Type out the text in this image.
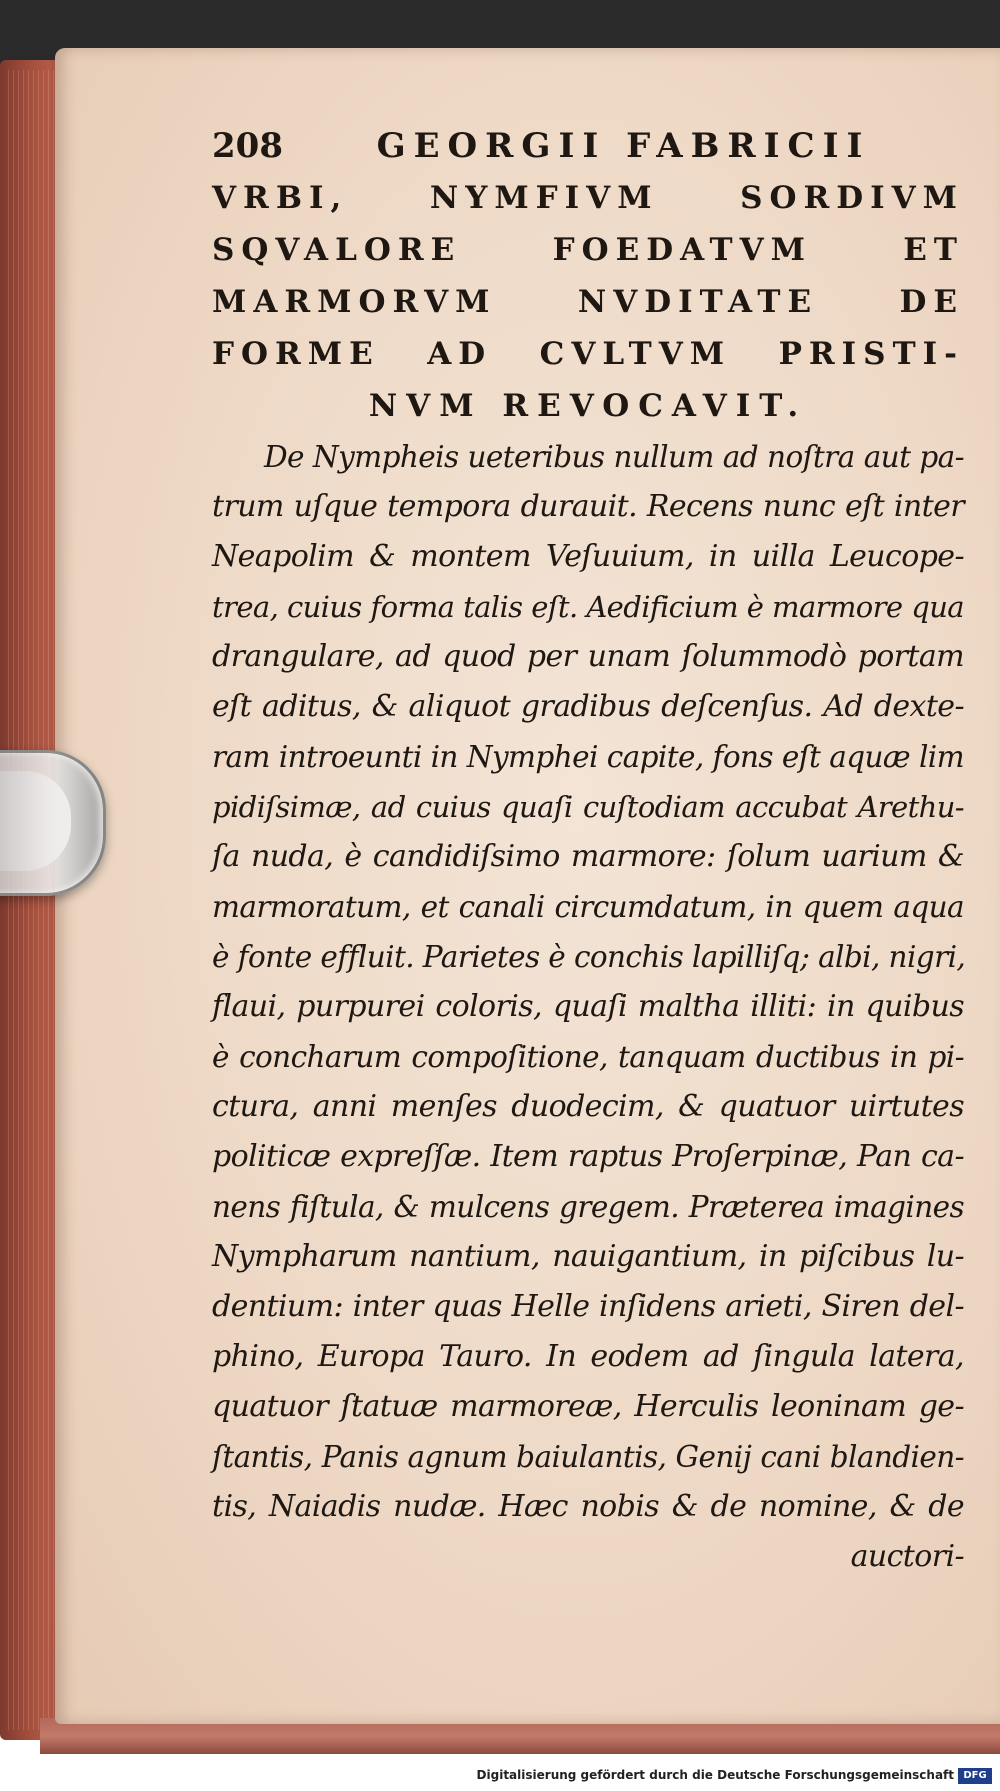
208	GEORGII FABRICII
VRBI, NYMFIVM SORDIVM
SQVALORE FOEDATVM ET
MARMORVM NVDITATE DE
FORME AD CVLTVM PRISTI-
NVM REVOCAVIT.
De Nympheis ueteribus nullum ad noſtra aut pa-
trum uſque tempora durauit. Recens nunc eſt inter
Neapolim & montem Veſuuium, in uilla Leucope-
trea, cuius forma talis eſt. Aedificium è marmore qua
drangulare, ad quod per unam ſolummodò portam
eſt aditus, & aliquot gradibus deſcenſus. Ad dexte-
ram introeunti in Nymphei capite, fons eſt aquæ lim
pidiſsimæ, ad cuius quaſi cuſtodiam accubat Arethu-
ſa nuda, è candidiſsimo marmore: ſolum uarium &
marmoratum, et canali circumdatum, in quem aqua
è fonte effluit. Parietes è conchis lapilliſq; albi, nigri,
flaui, purpurei coloris, quaſi maltha illiti: in quibus
è concharum compoſitione, tanquam ductibus in pi-
ctura, anni menſes duodecim, & quatuor uirtutes
politicæ expreſſæ. Item raptus Proſerpinæ, Pan ca-
nens fiſtula, & mulcens gregem. Præterea imagines
Nympharum nantium, nauigantium, in piſcibus lu-
dentium: inter quas Helle inſidens arieti, Siren del-
phino, Europa Tauro. In eodem ad ſingula latera,
quatuor ſtatuæ marmoreæ, Herculis leoninam ge-
ſtantis, Panis agnum baiulantis, Genij cani blandien-
tis, Naiadis nudæ. Hæc nobis & de nomine, & de
auctori-
Digitalisierung gefördert durch die Deutsche Forschungsgemeinschaft DFG
